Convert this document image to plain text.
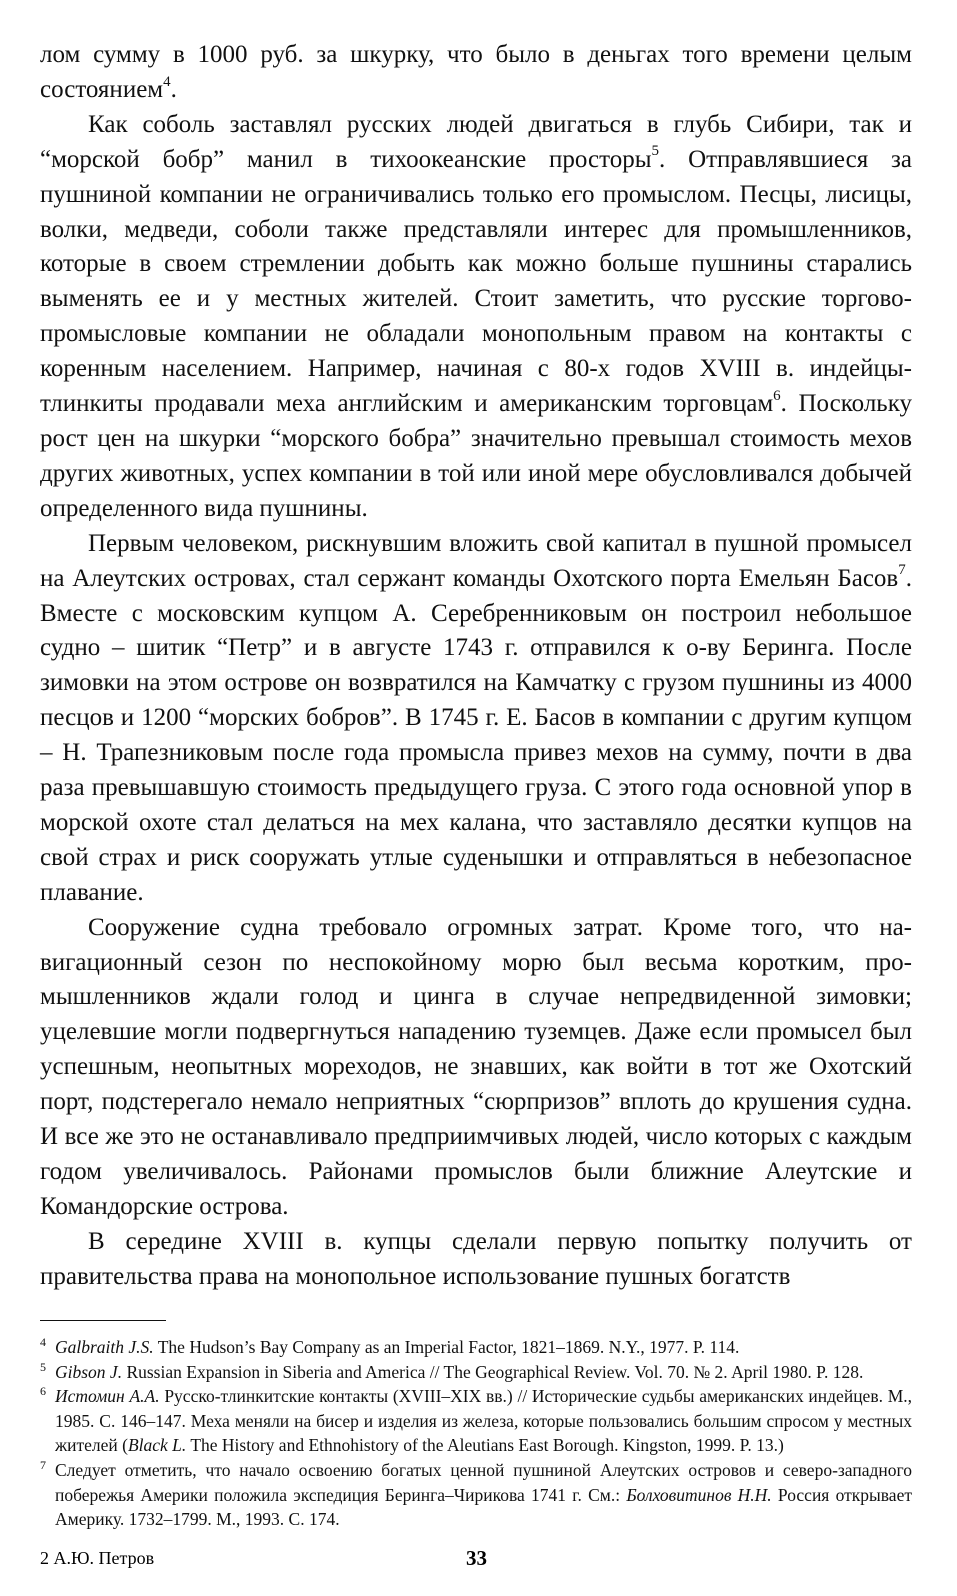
лом сумму в 1000 руб. за шкурку, что было в деньгах того времени целым состоянием$^4$.

Как соболь заставлял русских людей двигаться в глубь Сибири, так и “морской бобр” манил в тихоокеанские просторы$^5$. Отправлявшиеся за пушниной компании не ограничивались только его промыслом. Песцы, лисицы, волки, медведи, соболи также представляли интерес для промышленников, которые в своем стремлении добыть как можно больше пушнины старались выменять ее и у местных жителей. Стоит заметить, что русские торгово-промысловые компании не обладали монопольным правом на контакты с коренным населением. Например, начиная с 80-х годов XVIII в. индейцы-тлинкиты продавали меха английским и американским торговцам$^6$. Поскольку рост цен на шкурки “морского бобра” значительно превышал стоимость мехов других животных, успех компании в той или иной мере обусловливался добычей определенного вида пушнины.

Первым человеком, рискнувшим вложить свой капитал в пушной промысел на Алеутских островах, стал сержант команды Охотского порта Емельян Басов$^7$. Вместе с московским купцом А. Серебренниковым он построил небольшое судно – шитик “Петр” и в августе 1743 г. отправился к о-ву Беринга. После зимовки на этом острове он возвратился на Камчатку с грузом пушнины из 4000 песцов и 1200 “морских бобров”. В 1745 г. Е. Басов в компании с другим купцом – Н. Трапезниковым после года промысла привез мехов на сумму, почти в два раза превышавшую стоимость предыдущего груза. С этого года основной упор в морской охоте стал делаться на мех калана, что заставляло десятки купцов на свой страх и риск сооружать утлые суденышки и отправляться в небезопасное плавание.

Сооружение судна требовало огромных затрат. Кроме того, что навигационный сезон по неспокойному морю был весьма коротким, промышленников ждали голод и цинга в случае непредвиденной зимовки; уцелевшие могли подвергнуться нападению туземцев. Даже если промысел был успешным, неопытных мореходов, не знавших, как войти в тот же Охотский порт, подстерегало немало неприятных “сюрпризов” вплоть до крушения судна. И все же это не останавливало предприимчивых людей, число которых с каждым годом увеличивалось. Районами промыслов были ближние Алеутские и Командорские острова.

В середине XVIII в. купцы сделали первую попытку получить от правительства права на монопольное использование пушных богатств

4 Galbraith J.S. The Hudson’s Bay Company as an Imperial Factor, 1821–1869. N.Y., 1977. P. 114.
5 Gibson J. Russian Expansion in Siberia and America // The Geographical Review. Vol. 70. № 2. April 1980. P. 128.
6 Истомин А.А. Русско-тлинкитские контакты (XVIII–XIX вв.) // Исторические судьбы американских индейцев. М., 1985. С. 146–147. Меха меняли на бисер и изделия из железа, которые пользовались большим спросом у местных жителей (Black L. The History and Ethnohistory of the Aleutians East Borough. Kingston, 1999. P. 13.)
7 Следует отметить, что начало освоению богатых ценной пушниной Алеутских островов и северо-западного побережья Америки положила экспедиция Беринга–Чирикова 1741 г. См.: Болховитинов Н.Н. Россия открывает Америку. 1732–1799. М., 1993. С. 174.
2 А.Ю. Петров	33
